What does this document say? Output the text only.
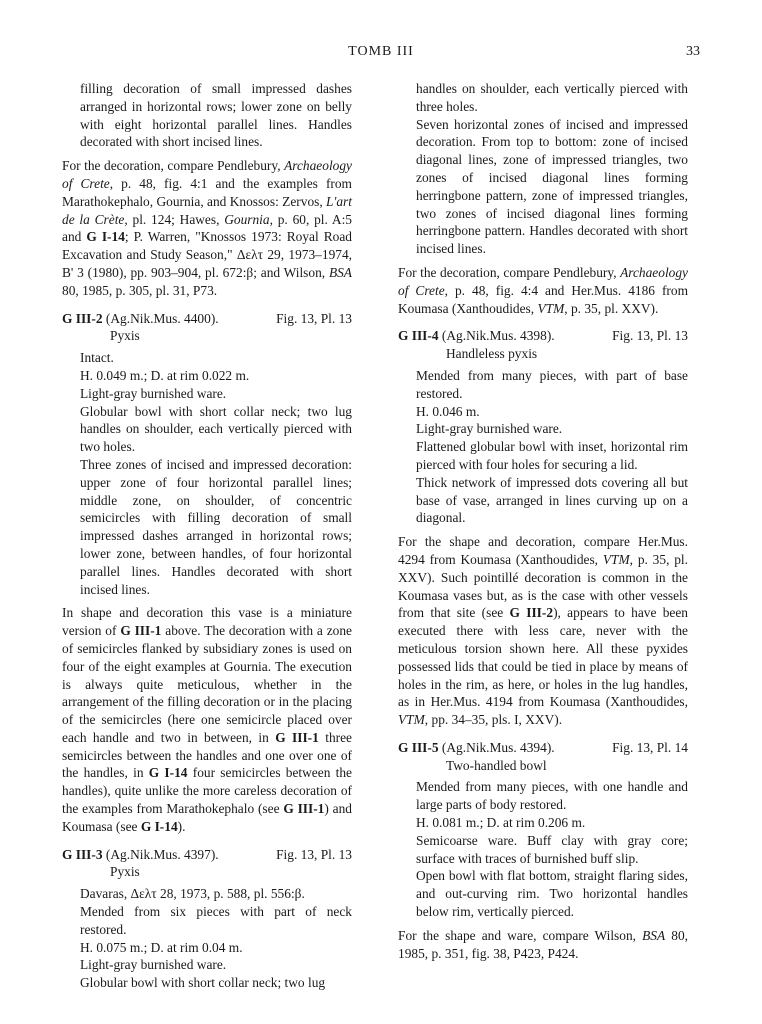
TOMB III	33

filling decoration of small impressed dashes arranged in horizontal rows; lower zone on belly with eight horizontal parallel lines. Handles decorated with short incised lines.

For the decoration, compare Pendlebury, Archaeology of Crete, p. 48, fig. 4:1 and the examples from Marathokephalo, Gournia, and Knossos: Zervos, L'art de la Crète, pl. 124; Hawes, Gournia, p. 60, pl. A:5 and G I-14; P. Warren, "Knossos 1973: Royal Road Excavation and Study Season," Δελτ 29, 1973–1974, B' 3 (1980), pp. 903–904, pl. 672:β; and Wilson, BSA 80, 1985, p. 305, pl. 31, P73.

G III-2 (Ag.Nik.Mus. 4400).	Fig. 13, Pl. 13

Pyxis

Intact.

H. 0.049 m.; D. at rim 0.022 m.

Light-gray burnished ware.

Globular bowl with short collar neck; two lug handles on shoulder, each vertically pierced with two holes.

Three zones of incised and impressed decoration: upper zone of four horizontal parallel lines; middle zone, on shoulder, of concentric semicircles with filling decoration of small impressed dashes arranged in horizontal rows; lower zone, between handles, of four horizontal parallel lines. Handles decorated with short incised lines.

In shape and decoration this vase is a miniature version of G III-1 above. The decoration with a zone of semicircles flanked by subsidiary zones is used on four of the eight examples at Gournia. The execution is always quite meticulous, whether in the arrangement of the filling decoration or in the placing of the semicircles (here one semicircle placed over each handle and two in between, in G III-1 three semicircles between the handles and one over one of the handles, in G I-14 four semicircles between the handles), quite unlike the more careless decoration of the examples from Marathokephalo (see G III-1) and Koumasa (see G I-14).

G III-3 (Ag.Nik.Mus. 4397).	Fig. 13, Pl. 13

Pyxis

Davaras, Δελτ 28, 1973, p. 588, pl. 556:β.

Mended from six pieces with part of neck restored.

H. 0.075 m.; D. at rim 0.04 m.

Light-gray burnished ware.

Globular bowl with short collar neck; two lug

handles on shoulder, each vertically pierced with three holes.

Seven horizontal zones of incised and impressed decoration. From top to bottom: zone of incised diagonal lines, zone of impressed triangles, two zones of incised diagonal lines forming herringbone pattern, zone of impressed triangles, two zones of incised diagonal lines forming herringbone pattern. Handles decorated with short incised lines.

For the decoration, compare Pendlebury, Archaeology of Crete, p. 48, fig. 4:4 and Her.Mus. 4186 from Koumasa (Xanthoudides, VTM, p. 35, pl. XXV).

G III-4 (Ag.Nik.Mus. 4398).	Fig. 13, Pl. 13

Handleless pyxis

Mended from many pieces, with part of base restored.

H. 0.046 m.

Light-gray burnished ware.

Flattened globular bowl with inset, horizontal rim pierced with four holes for securing a lid.

Thick network of impressed dots covering all but base of vase, arranged in lines curving up on a diagonal.

For the shape and decoration, compare Her.Mus. 4294 from Koumasa (Xanthoudides, VTM, p. 35, pl. XXV). Such pointillé decoration is common in the Koumasa vases but, as is the case with other vessels from that site (see G III-2), appears to have been executed there with less care, never with the meticulous torsion shown here. All these pyxides possessed lids that could be tied in place by means of holes in the rim, as here, or holes in the lug handles, as in Her.Mus. 4194 from Koumasa (Xanthoudides, VTM, pp. 34–35, pls. I, XXV).

G III-5 (Ag.Nik.Mus. 4394).	Fig. 13, Pl. 14

Two-handled bowl

Mended from many pieces, with one handle and large parts of body restored.

H. 0.081 m.; D. at rim 0.206 m.

Semicoarse ware. Buff clay with gray core; surface with traces of burnished buff slip.

Open bowl with flat bottom, straight flaring sides, and out-curving rim. Two horizontal handles below rim, vertically pierced.

For the shape and ware, compare Wilson, BSA 80, 1985, p. 351, fig. 38, P423, P424.
